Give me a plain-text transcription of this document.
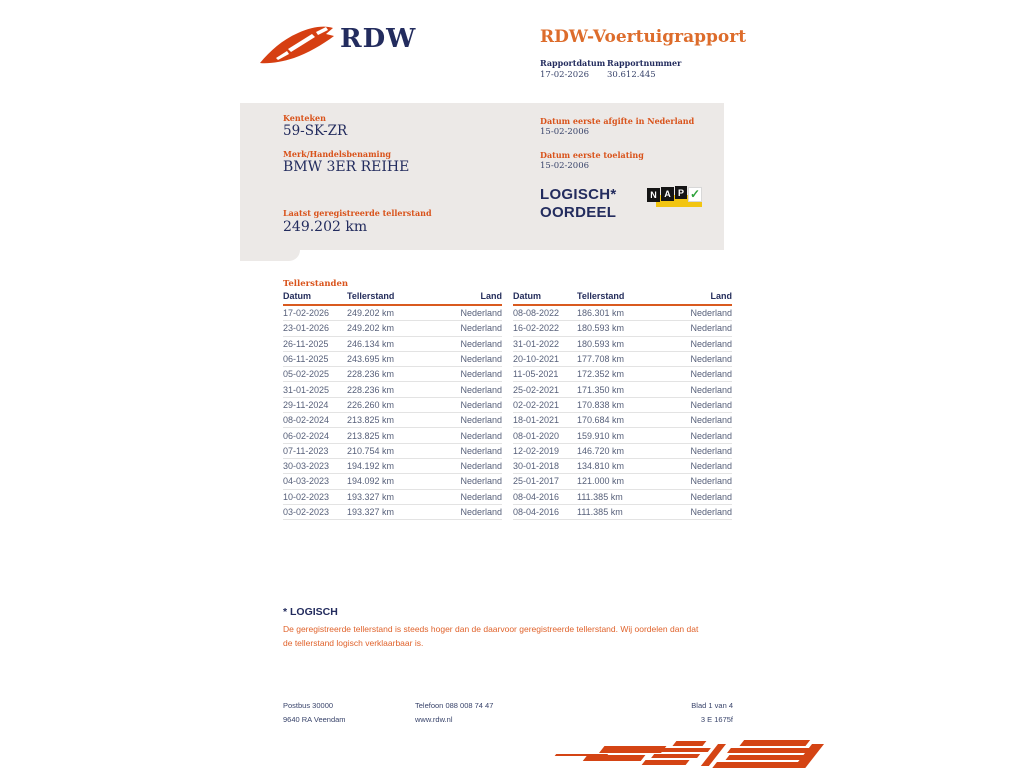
RDW	RDW-Voertuigrapport
Rapportdatum
17-02-2026
Rapportnummer
30.612.445
Kenteken
59-SK-ZR
Merk/Handelsbenaming
BMW 3ER REIHE
Laatst geregistreerde tellerstand
249.202 km
Datum eerste afgifte in Nederland
15-02-2006
Datum eerste toelating
15-02-2006
LOGISCH*
OORDEEL
N A P ✓
Tellerstanden
Datum	Tellerstand	Land
17-02-2026	249.202 km	Nederland
23-01-2026	249.202 km	Nederland
26-11-2025	246.134 km	Nederland
06-11-2025	243.695 km	Nederland
05-02-2025	228.236 km	Nederland
31-01-2025	228.236 km	Nederland
29-11-2024	226.260 km	Nederland
08-02-2024	213.825 km	Nederland
06-02-2024	213.825 km	Nederland
07-11-2023	210.754 km	Nederland
30-03-2023	194.192 km	Nederland
04-03-2023	194.092 km	Nederland
10-02-2023	193.327 km	Nederland
03-02-2023	193.327 km	Nederland
Datum	Tellerstand	Land
08-08-2022	186.301 km	Nederland
16-02-2022	180.593 km	Nederland
31-01-2022	180.593 km	Nederland
20-10-2021	177.708 km	Nederland
11-05-2021	172.352 km	Nederland
25-02-2021	171.350 km	Nederland
02-02-2021	170.838 km	Nederland
18-01-2021	170.684 km	Nederland
08-01-2020	159.910 km	Nederland
12-02-2019	146.720 km	Nederland
30-01-2018	134.810 km	Nederland
25-01-2017	121.000 km	Nederland
08-04-2016	111.385 km	Nederland
08-04-2016	111.385 km	Nederland
* LOGISCH
De geregistreerde tellerstand is steeds hoger dan de daarvoor geregistreerde tellerstand. Wij oordelen dan dat de tellerstand logisch verklaarbaar is.
Postbus 30000
9640 RA Veendam
Telefoon 088 008 74 47
www.rdw.nl
Blad 1 van 4
3 E 1675f
